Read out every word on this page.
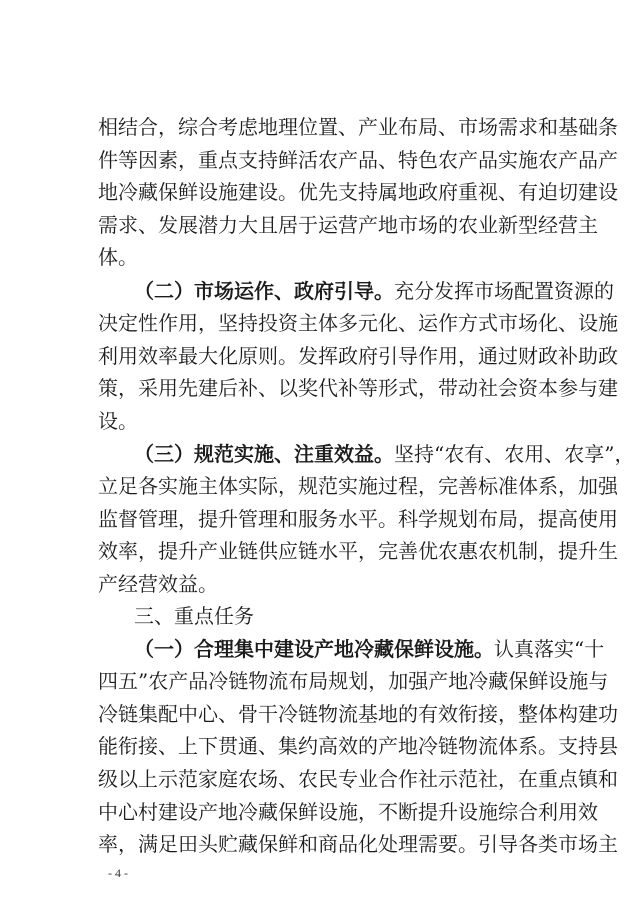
相结合，综合考虑地理位置、产业布局、市场需求和基础条
件等因素，重点支持鲜活农产品、特色农产品实施农产品产
地冷藏保鲜设施建设。优先支持属地政府重视、有迫切建设
需求、发展潜力大且居于运营产地市场的农业新型经营主
体。
（二）市场运作、政府引导。充分发挥市场配置资源的
决定性作用，坚持投资主体多元化、运作方式市场化、设施
利用效率最大化原则。发挥政府引导作用，通过财政补助政
策，采用先建后补、以奖代补等形式，带动社会资本参与建
设。
（三）规范实施、注重效益。坚持“农有、农用、农享”，
立足各实施主体实际，规范实施过程，完善标准体系，加强
监督管理，提升管理和服务水平。科学规划布局，提高使用
效率，提升产业链供应链水平，完善优农惠农机制，提升生
产经营效益。
三、重点任务
（一）合理集中建设产地冷藏保鲜设施。认真落实“十
四五”农产品冷链物流布局规划，加强产地冷藏保鲜设施与
冷链集配中心、骨干冷链物流基地的有效衔接，整体构建功
能衔接、上下贯通、集约高效的产地冷链物流体系。支持县
级以上示范家庭农场、农民专业合作社示范社，在重点镇和
中心村建设产地冷藏保鲜设施，不断提升设施综合利用效
率，满足田头贮藏保鲜和商品化处理需要。引导各类市场主
- 4 -
